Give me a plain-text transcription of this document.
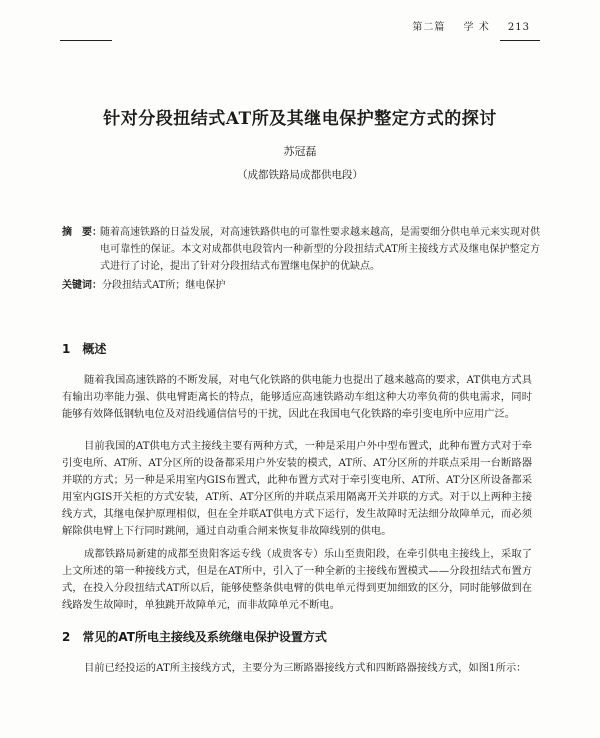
第二篇 学 术 213
针对分段扭结式AT所及其继电保护整定方式的探讨
苏冠磊
（成都铁路局成都供电段）
摘　要：
随着高速铁路的日益发展，对高速铁路供电的可靠性要求越来越高，是需要细分供电单元来实现对供电可靠性的保证。本文对成都供电段管内一种新型的分段扭结式AT所主接线方式及继电保护整定方式进行了讨论，提出了针对分段扭结式布置继电保护的优缺点。
关键词：分段扭结式AT所；继电保护
1 概述
随着我国高速铁路的不断发展，对电气化铁路的供电能力也提出了越来越高的要求，AT供电方式具有输出功率能力强、供电臂距离长的特点，能够适应高速铁路动车组这种大功率负荷的供电需求，同时能够有效降低钢轨电位及对沿线通信信号的干扰，因此在我国电气化铁路的牵引变电所中应用广泛。
目前我国的AT供电方式主接线主要有两种方式，一种是采用户外中型布置式，此种布置方式对于牵引变电所、AT所、AT分区所的设备都采用户外安装的模式，AT所、AT分区所的并联点采用一台断路器并联的方式；另一种是采用室内GIS布置式，此种布置方式对于牵引变电所、AT所、AT分区所设备都采用室内GIS开关柜的方式安装，AT所、AT分区所的并联点采用隔离开关并联的方式。对于以上两种主接线方式，其继电保护原理相似，但在全并联AT供电方式下运行，发生故障时无法细分故障单元，而必须解除供电臂上下行同时跳闸，通过自动重合闸来恢复非故障线别的供电。
成都铁路局新建的成都至贵阳客运专线（成贵客专）乐山至贵阳段，在牵引供电主接线上，采取了上文所述的第一种接线方式，但是在AT所中，引入了一种全新的主接线布置模式——分段扭结式布置方式，在投入分段扭结式AT所以后，能够使整条供电臂的供电单元得到更加细致的区分，同时能够做到在线路发生故障时，单独跳开故障单元，而非故障单元不断电。
2 常见的AT所电主接线及系统继电保护设置方式
目前已经投运的AT所主接线方式，主要分为三断路器接线方式和四断路器接线方式，如图1所示：
